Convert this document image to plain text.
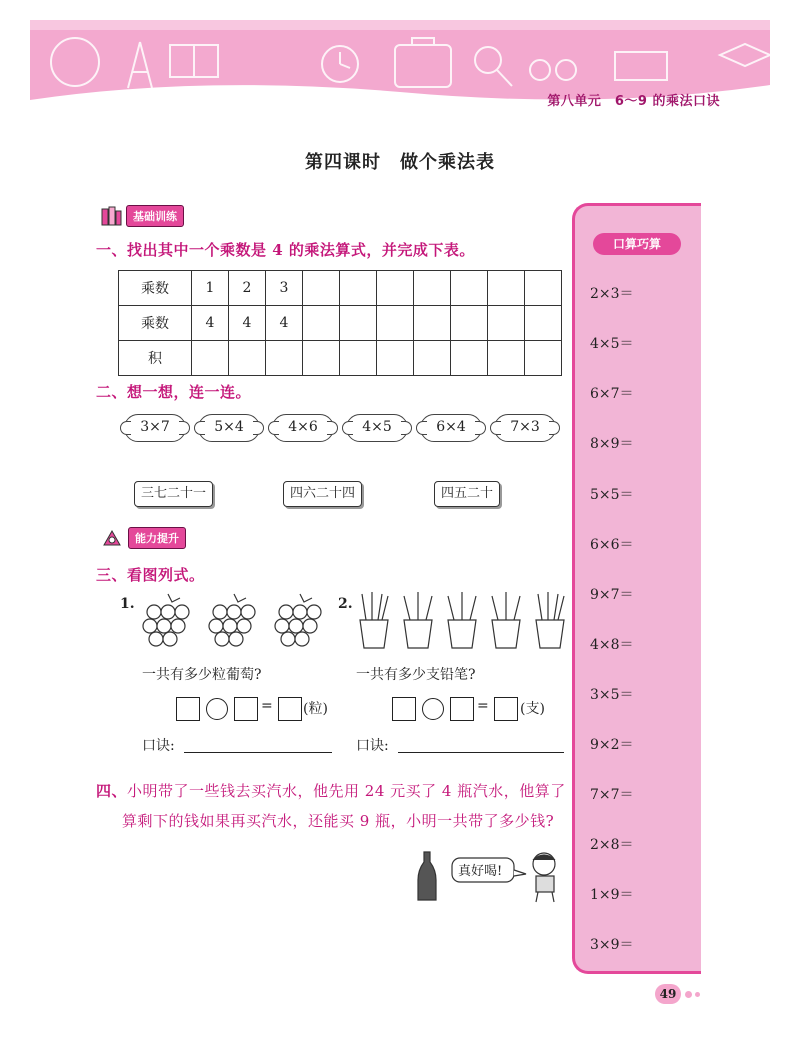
第八单元　6～9 的乘法口诀
第四课时　做个乘法表
基础训练
一、找出其中一个乘数是 4 的乘法算式，并完成下表。
乘数	1	2	3							
乘数	4	4	4							
积										
二、想一想，连一连。
3×7	5×4	4×6	4×5	6×4	7×3
三七二十一	四六二十四	四五二十
能力提升
三、看图列式。
1.	2.
一共有多少粒葡萄?	一共有多少支铅笔?
= (粒)	= (支)
口诀:	口诀:
四、小明带了一些钱去买汽水，他先用 24 元买了 4 瓶汽水，他算了
算剩下的钱如果再买汽水，还能买 9 瓶，小明一共带了多少钱?
真好喝!
口算巧算
2×3＝
4×5＝
6×7＝
8×9＝
5×5＝
6×6＝
9×7＝
4×8＝
3×5＝
9×2＝
7×7＝
2×8＝
1×9＝
3×9＝
49
